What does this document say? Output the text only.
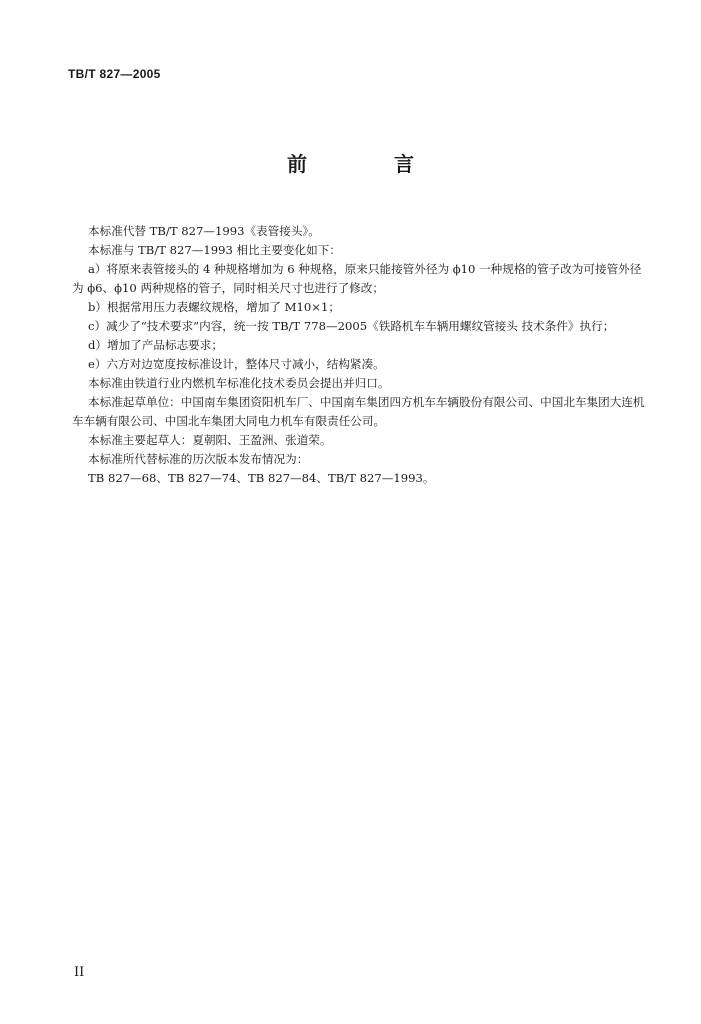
TB/T 827—2005
前 言

本标准代替 TB/T 827—1993《表管接头》。

本标准与 TB/T 827—1993 相比主要变化如下：

a）将原来表管接头的 4 种规格增加为 6 种规格，原来只能接管外径为 ϕ10 一种规格的管子改为可接管外径为 ϕ6、ϕ10 两种规格的管子，同时相关尺寸也进行了修改；

b）根据常用压力表螺纹规格，增加了 M10×1；

c）减少了“技术要求”内容，统一按 TB/T 778—2005《铁路机车车辆用螺纹管接头 技术条件》执行；

d）增加了产品标志要求；

e）六方对边宽度按标准设计，整体尺寸减小，结构紧凑。

本标准由铁道行业内燃机车标准化技术委员会提出并归口。

本标准起草单位：中国南车集团资阳机车厂、中国南车集团四方机车车辆股份有限公司、中国北车集团大连机车车辆有限公司、中国北车集团大同电力机车有限责任公司。

本标准主要起草人：夏朝阳、王盈洲、张道荣。

本标准所代替标准的历次版本发布情况为：

TB 827—68、TB 827—74、TB 827—84、TB/T 827—1993。

II
